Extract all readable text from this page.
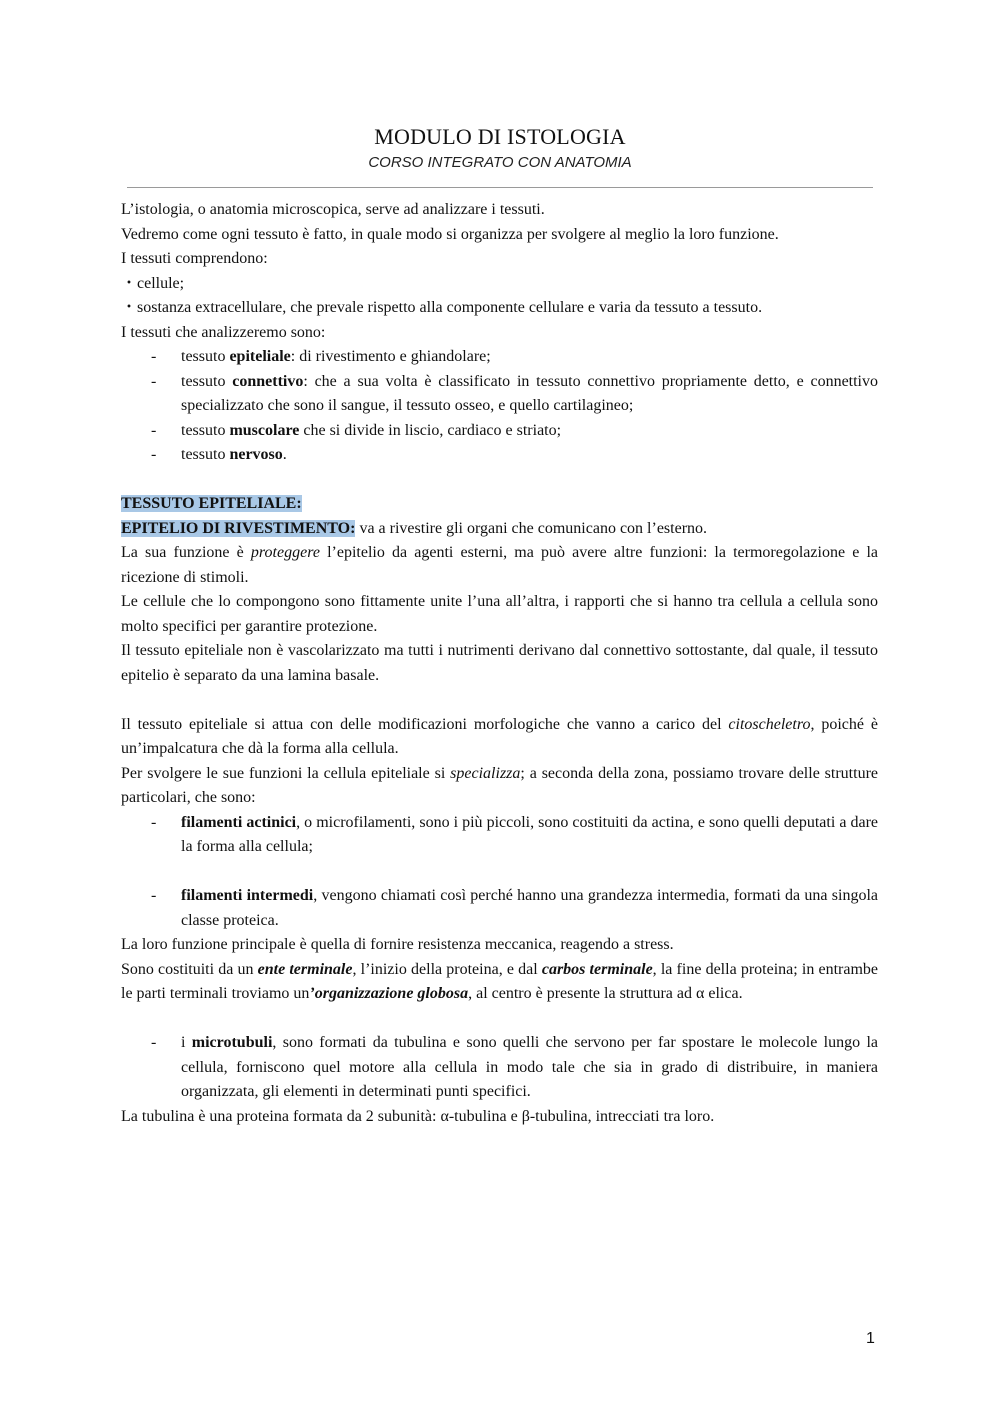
MODULO DI ISTOLOGIA

CORSO INTEGRATO CON ANATOMIA

L’istologia, o anatomia microscopica, serve ad analizzare i tessuti.

Vedremo come ogni tessuto è fatto, in quale modo si organizza per svolgere al meglio la loro funzione.

I tessuti comprendono:

・cellule;

・sostanza extracellulare, che prevale rispetto alla componente cellulare e varia da tessuto a tessuto.

I tessuti che analizzeremo sono:

- tessuto epiteliale: di rivestimento e ghiandolare;
- tessuto connettivo: che a sua volta è classificato in tessuto connettivo propriamente detto, e connettivo specializzato che sono il sangue, il tessuto osseo, e quello cartilagineo;
- tessuto muscolare che si divide in liscio, cardiaco e striato;
- tessuto nervoso.

TESSUTO EPITELIALE:

EPITELIO DI RIVESTIMENTO: va a rivestire gli organi che comunicano con l’esterno.

La sua funzione è proteggere l’epitelio da agenti esterni, ma può avere altre funzioni: la termoregolazione e la ricezione di stimoli.

Le cellule che lo compongono sono fittamente unite l’una all’altra, i rapporti che si hanno tra cellula a cellula sono molto specifici per garantire protezione.

Il tessuto epiteliale non è vascolarizzato ma tutti i nutrimenti derivano dal connettivo sottostante, dal quale, il tessuto epitelio è separato da una lamina basale.

Il tessuto epiteliale si attua con delle modificazioni morfologiche che vanno a carico del citoscheletro, poiché è un’impalcatura che dà la forma alla cellula.

Per svolgere le sue funzioni la cellula epiteliale si specializza; a seconda della zona, possiamo trovare delle strutture particolari, che sono:

- filamenti actinici, o microfilamenti, sono i più piccoli, sono costituiti da actina, e sono quelli deputati a dare la forma alla cellula;
- filamenti intermedi, vengono chiamati così perché hanno una grandezza intermedia, formati da una singola classe proteica.

La loro funzione principale è quella di fornire resistenza meccanica, reagendo a stress.

Sono costituiti da un ente terminale, l’inizio della proteina, e dal carbos terminale, la fine della proteina; in entrambe le parti terminali troviamo un’organizzazione globosa, al centro è presente la struttura ad α elica.

- i microtubuli, sono formati da tubulina e sono quelli che servono per far spostare le molecole lungo la cellula, forniscono quel motore alla cellula in modo tale che sia in grado di distribuire, in maniera organizzata, gli elementi in determinati punti specifici.

La tubulina è una proteina formata da 2 subunità: α-tubulina e β-tubulina, intrecciati tra loro.

1
